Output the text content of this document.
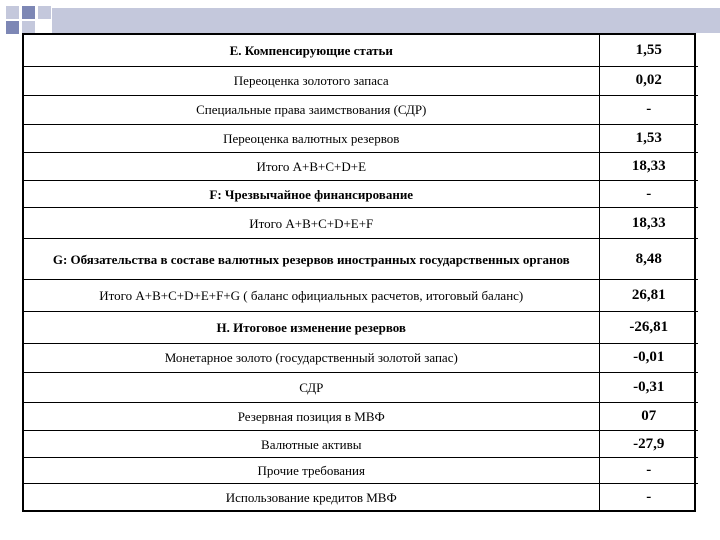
E. Компенсирующие статьи	1,55
Переоценка золотого запаса	0,02
Специальные права заимствования (СДР)	-
Переоценка валютных резервов	1,53
Итого A+B+C+D+E	18,33
F: Чрезвычайное финансирование	-
Итого A+B+C+D+E+F	18,33
G: Обязательства в составе валютных резервов иностранных государственных органов	8,48
Итого A+B+C+D+E+F+G ( баланс официальных расчетов, итоговый баланс)	26,81
H. Итоговое изменение резервов	-26,81
Монетарное золото (государственный золотой запас)	-0,01
СДР	-0,31
Резервная позиция в МВФ	07
Валютные активы	-27,9
Прочие требования	-
Использование кредитов МВФ	-
